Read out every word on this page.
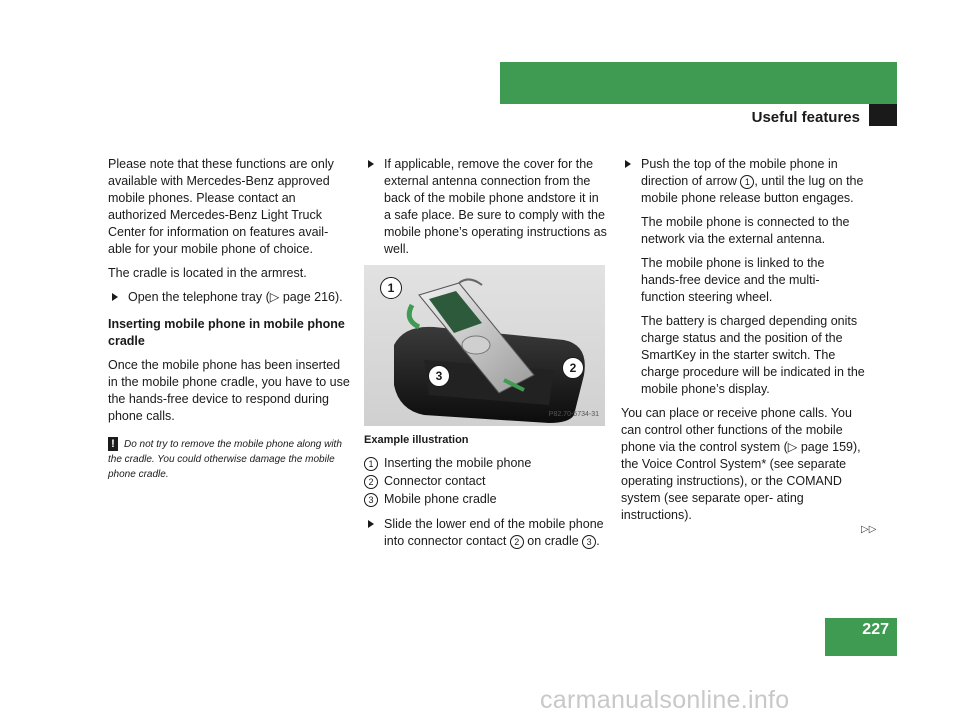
Controls in detail
Useful features

Please note that these functions are only available with Mercedes-Benz approved mobile phones. Please contact an authorized Mercedes-Benz Light Truck Center for information on features avail- able for your mobile phone of choice.

The cradle is located in the armrest.

Open the telephone tray (▷ page 216).

Inserting mobile phone in mobile phone cradle

Once the mobile phone has been inserted in the mobile phone cradle, you have to use the hands-free device to respond during phone calls.

! Do not try to remove the mobile phone along with the cradle. You could otherwise damage the mobile phone cradle.
If applicable, remove the cover for the external antenna connection from the back of the mobile phone andstore it in a safe place. Be sure to comply with the mobile phone’s operating instructions as well.
1
2
3
P82.70-5734-31
Example illustration
1 Inserting the mobile phone
2 Connector contact
3 Mobile phone cradle
Slide the lower end of the mobile phone into connector contact 2 on cradle 3 .
Push the top of the mobile phone in direction of arrow 1 , until the lug on the mobile phone release button engages.

The mobile phone is connected to the network via the external antenna.

The mobile phone is linked to the hands-free device and the multi- function steering wheel.

The battery is charged depending onits charge status and the position of the SmartKey in the starter switch. The charge procedure will be indicated in the mobile phone’s display.

You can place or receive phone calls. You can control other functions of the mobile phone via the control system (▷ page 159), the Voice Control System* (see separate operating instructions), or the COMAND system (see separate oper- ating instructions).

▷▷
227
carmanualsonline.info
